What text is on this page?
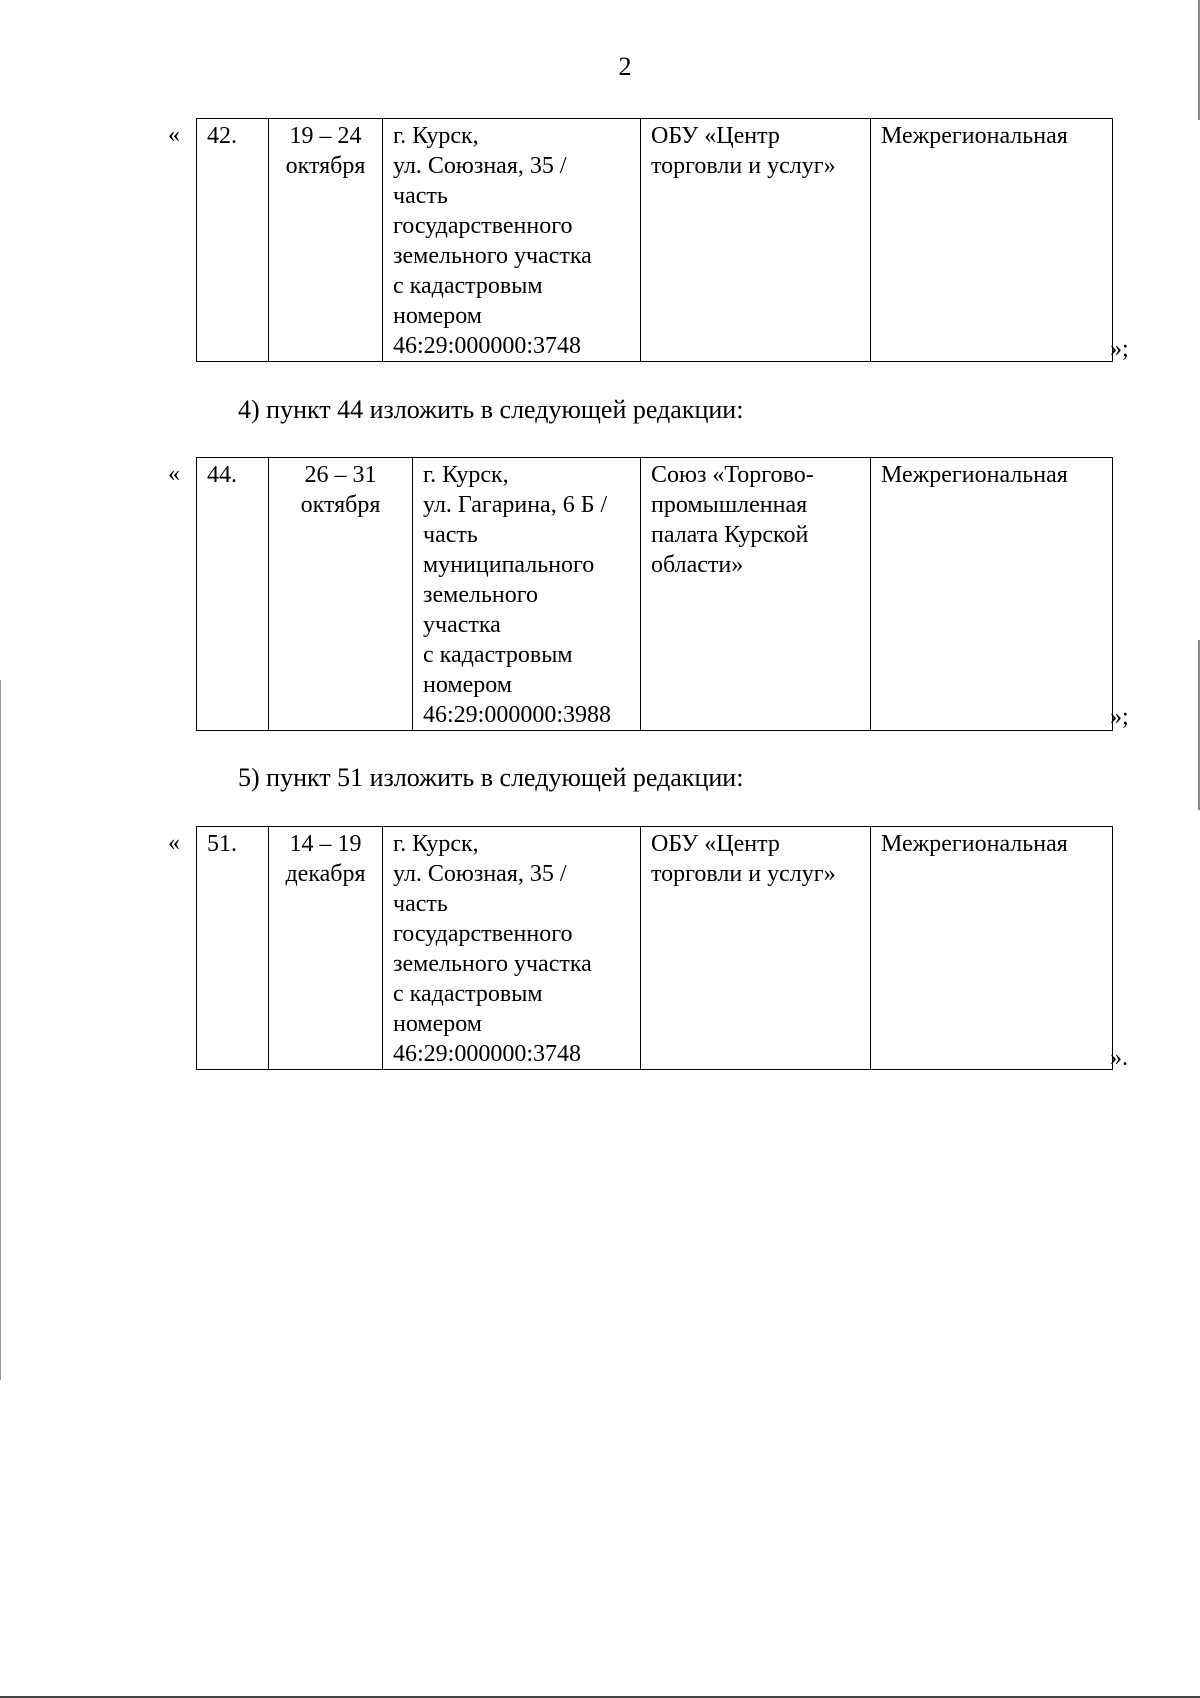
2
« 42.	19 – 24
октября	г. Курск,
ул. Союзная, 35 /
часть
государственного
земельного участка
с кадастровым
номером
46:29:000000:3748	ОБУ «Центр
торговли и услуг»	Межрегиональная
»;
4) пункт 44 изложить в следующей редакции:
« 44.	26 – 31
октября	г. Курск,
ул. Гагарина, 6 Б /
часть
муниципального
земельного
участка
с кадастровым
номером
46:29:000000:3988	Союз «Торгово-
промышленная
палата Курской
области»	Межрегиональная
»;
5) пункт 51 изложить в следующей редакции:
« 51.	14 – 19
декабря	г. Курск,
ул. Союзная, 35 /
часть
государственного
земельного участка
с кадастровым
номером
46:29:000000:3748	ОБУ «Центр
торговли и услуг»	Межрегиональная
».
